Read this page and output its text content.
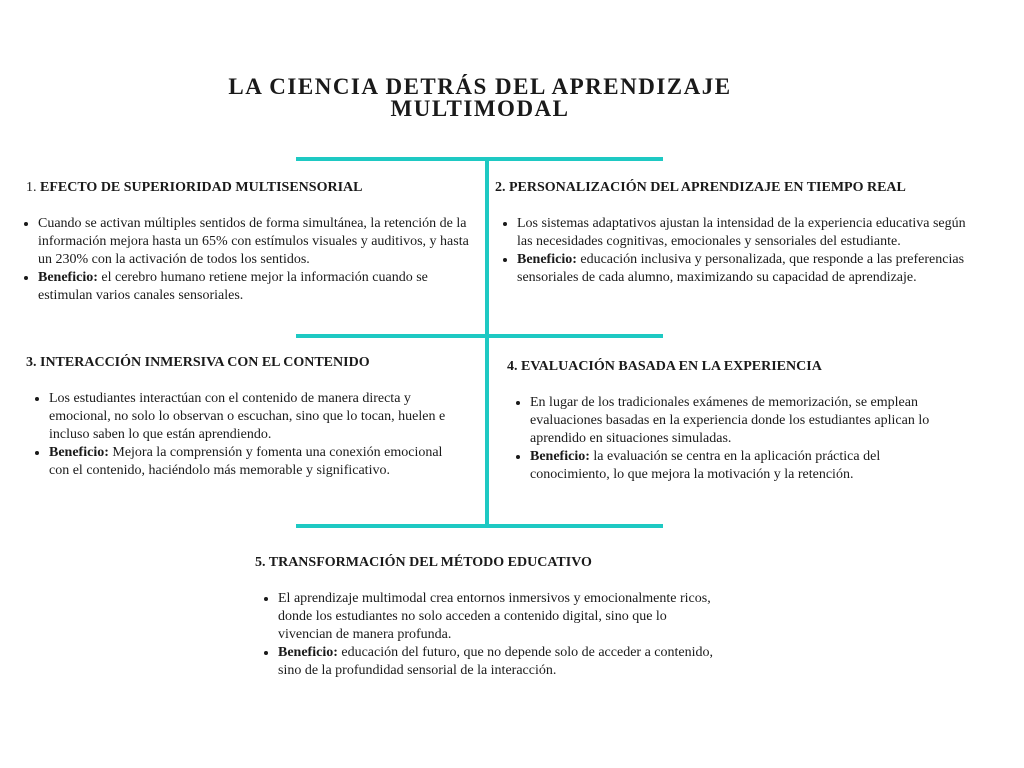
LA CIENCIA DETRÁS DEL APRENDIZAJE MULTIMODAL
1. EFECTO DE SUPERIORIDAD MULTISENSORIAL
• Cuando se activan múltiples sentidos de forma simultánea, la retención de la información mejora hasta un 65% con estímulos visuales y auditivos, y hasta un 230% con la activación de todos los sentidos.
• Beneficio: el cerebro humano retiene mejor la información cuando se estimulan varios canales sensoriales.
2. PERSONALIZACIÓN DEL APRENDIZAJE EN TIEMPO REAL
• Los sistemas adaptativos ajustan la intensidad de la experiencia educativa según las necesidades cognitivas, emocionales y sensoriales del estudiante.
• Beneficio: educación inclusiva y personalizada, que responde a las preferencias sensoriales de cada alumno, maximizando su capacidad de aprendizaje.
3. INTERACCIÓN INMERSIVA CON EL CONTENIDO
• Los estudiantes interactúan con el contenido de manera directa y emocional, no solo lo observan o escuchan, sino que lo tocan, huelen e incluso saben lo que están aprendiendo.
• Beneficio: Mejora la comprensión y fomenta una conexión emocional con el contenido, haciéndolo más memorable y significativo.
4. EVALUACIÓN BASADA EN LA EXPERIENCIA
• En lugar de los tradicionales exámenes de memorización, se emplean evaluaciones basadas en la experiencia donde los estudiantes aplican lo aprendido en situaciones simuladas.
• Beneficio: la evaluación se centra en la aplicación práctica del conocimiento, lo que mejora la motivación y la retención.
5. TRANSFORMACIÓN DEL MÉTODO EDUCATIVO
• El aprendizaje multimodal crea entornos inmersivos y emocionalmente ricos, donde los estudiantes no solo acceden a contenido digital, sino que lo vivencian de manera profunda.
• Beneficio: educación del futuro, que no depende solo de acceder a contenido, sino de la profundidad sensorial de la interacción.
